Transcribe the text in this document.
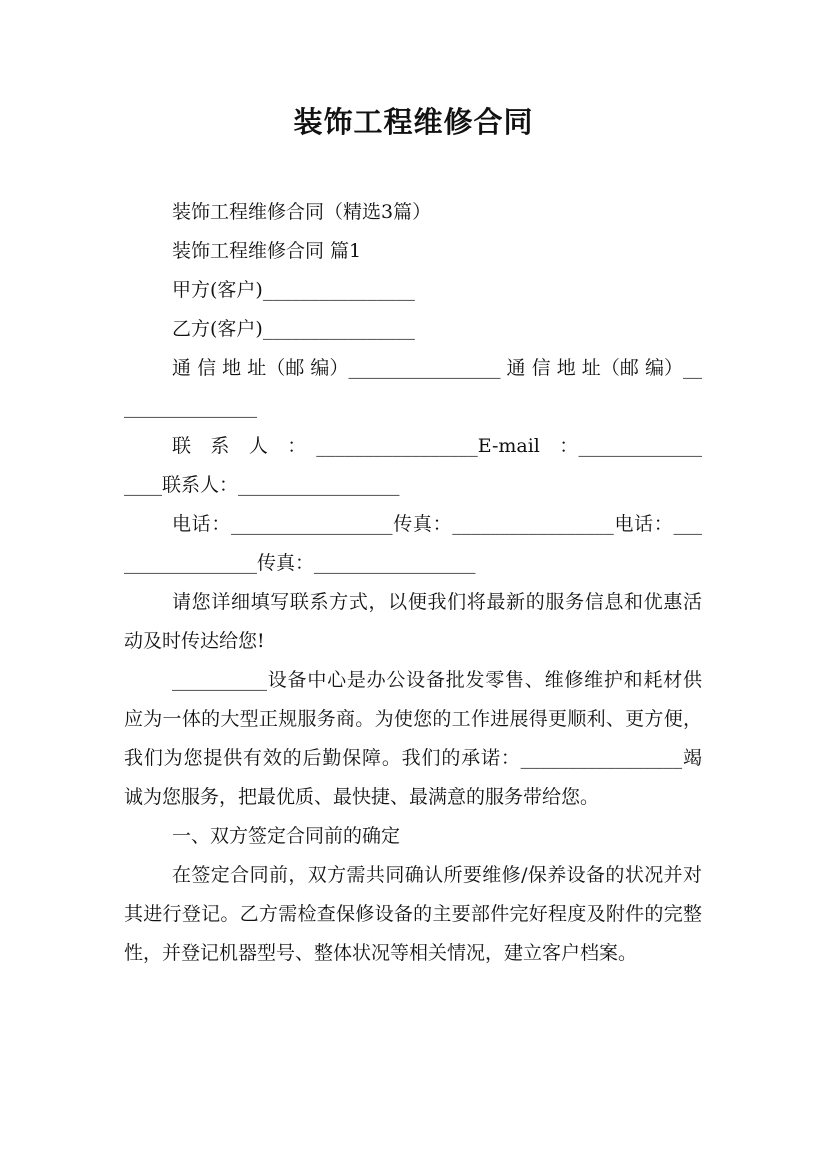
装饰工程维修合同

装饰工程维修合同（精选3篇）

装饰工程维修合同 篇1

甲方(客户)________________

乙方(客户)________________

通 信 地 址（邮 编）________________ 通 信 地 址（邮 编）________________

联　系　人　：　_________________E-mail　：_________________联系人：_________________

电话：_________________传真：_________________电话：_________________传真：_________________

请您详细填写联系方式，以便我们将最新的服务信息和优惠活动及时传达给您!

__________设备中心是办公设备批发零售、维修维护和耗材供应为一体的大型正规服务商。为使您的工作进展得更顺利、更方便，我们为您提供有效的后勤保障。我们的承诺：_________________竭诚为您服务，把最优质、最快捷、最满意的服务带给您。

一、双方签定合同前的确定

在签定合同前，双方需共同确认所要维修/保养设备的状况并对其进行登记。乙方需检查保修设备的主要部件完好程度及附件的完整性，并登记机器型号、整体状况等相关情况，建立客户档案。
